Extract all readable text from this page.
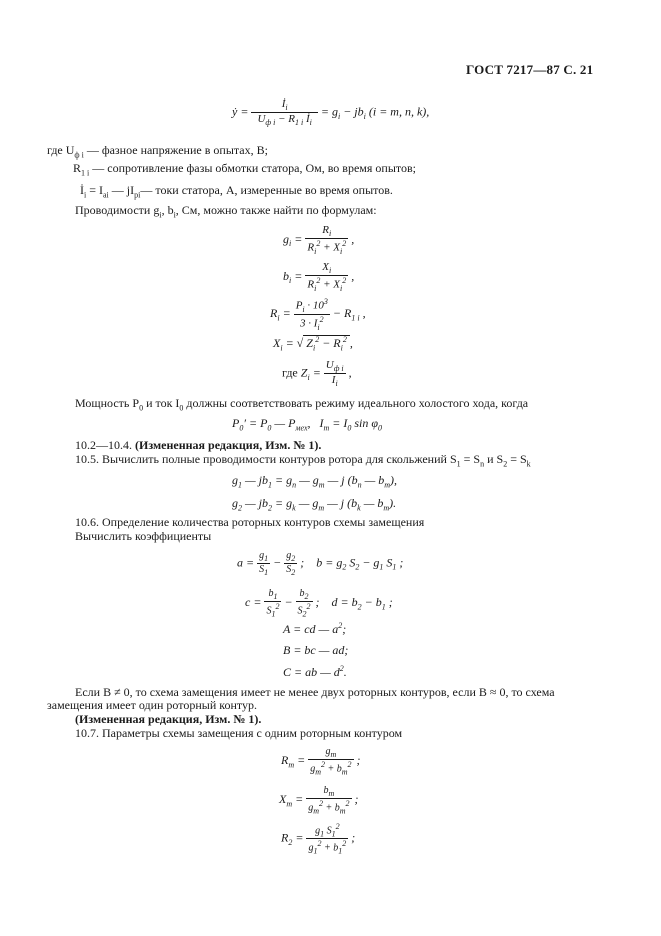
ГОСТ 7217—87 С. 21
ẏ = $\frac{İ_i}{U_{ф i} - R_{1 i} İ_i} = g_i - jb_i$ (i = m, n, k),
где $U_{ф i}$ — фазное напряжение в опытах, В;
$R_{1 i}$ — сопротивление фазы обмотки статора, Ом, во время опытов;
$İ_i = I_{ai}$ — $jI_{pi}—$ токи статора, А, измеренные во время опытов.
Проводимости $g_i$, $b_i$, См, можно также найти по формулам:
$g_i = \frac{R_i}{R_i^2 + X_i^2}$ ,
$b_i = \frac{X_i}{R_i^2 + X_i^2}$ ,
$R_i = \frac{P_i \cdot 10^3}{3 \cdot I_i^2} - R_{1 i}$ ,
$X_i$ = √ $Z_i^2 - R_i^2$ ,
где $Z_i = \frac{U_{ф i}}{I_i}$ ,
Мощность $P_0$ и ток $I_0$ должны соответствовать режиму идеального холостого хода, когда
$P_0' = P_0$ — $P_{мех}$,   $I_m = I_0$ $\sin \varphi_0$
10.2—10.4. (Измененная редакция, Изм. № 1).
10.5. Вычислить полные проводимости контуров ротора для скольжений $S_1 = S_n$ и $S_2 = S_k$
$g_1$ — $jb_1 = g_n$ — $g_m$ — j ($b_n$ — $b_m$),
$g_2$ — $jb_2 = g_k$ — $g_m$ — j ($b_k$ — $b_m$).
10.6. Определение количества роторных контуров схемы замещения
Вычислить коэффициенты
$a = \frac{g_1}{S_1} - \frac{g_2}{S_2}$ ;    $b = g_2$ $S_2 - g_1$ $S_1$ ;
$c = \frac{b_1}{S_1^2} - \frac{b_2}{S_2^2}$ ;    $d = b_2 - b_1$ ;
A = cd — $a^2$;
B = bc — ad;
C = ab — $d^2$.
Если B ≠ 0, то схема замещения имеет не менее двух роторных контуров, если B ≈ 0, то схема
замещения имеет один роторный контур.
(Измененная редакция, Изм. № 1).
10.7. Параметры схемы замещения с одним роторным контуром
$R_m = \frac{g_m}{g_m^2 + b_m^2}$ ;
$X_m = \frac{b_m}{g_m^2 + b_m^2}$ ;
$R_2 = \frac{g_1 S_1^2}{g_1^2 + b_1^2}$ ;
